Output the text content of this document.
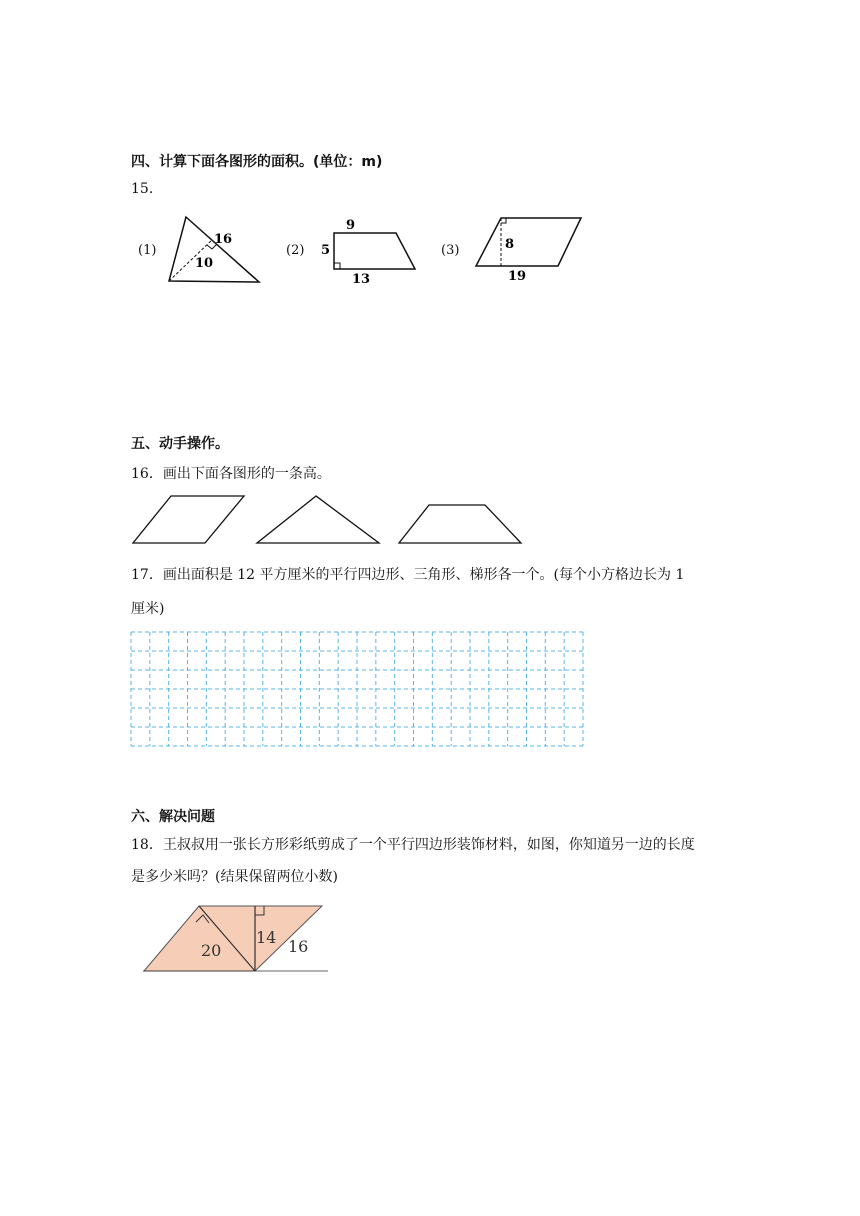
四、计算下面各图形的面积。(单位：m)
15.
(1)
16
10
(2)
9
5
13
(3)	8
19
五、动手操作。
16．画出下面各图形的一条高。
17．画出面积是 12 平方厘米的平行四边形、三角形、梯形各一个。(每个小方格边长为 1
厘米)
六、解决问题
18．王叔叔用一张长方形彩纸剪成了一个平行四边形装饰材料，如图，你知道另一边的长度
是多少米吗？(结果保留两位小数)
20
14 16
